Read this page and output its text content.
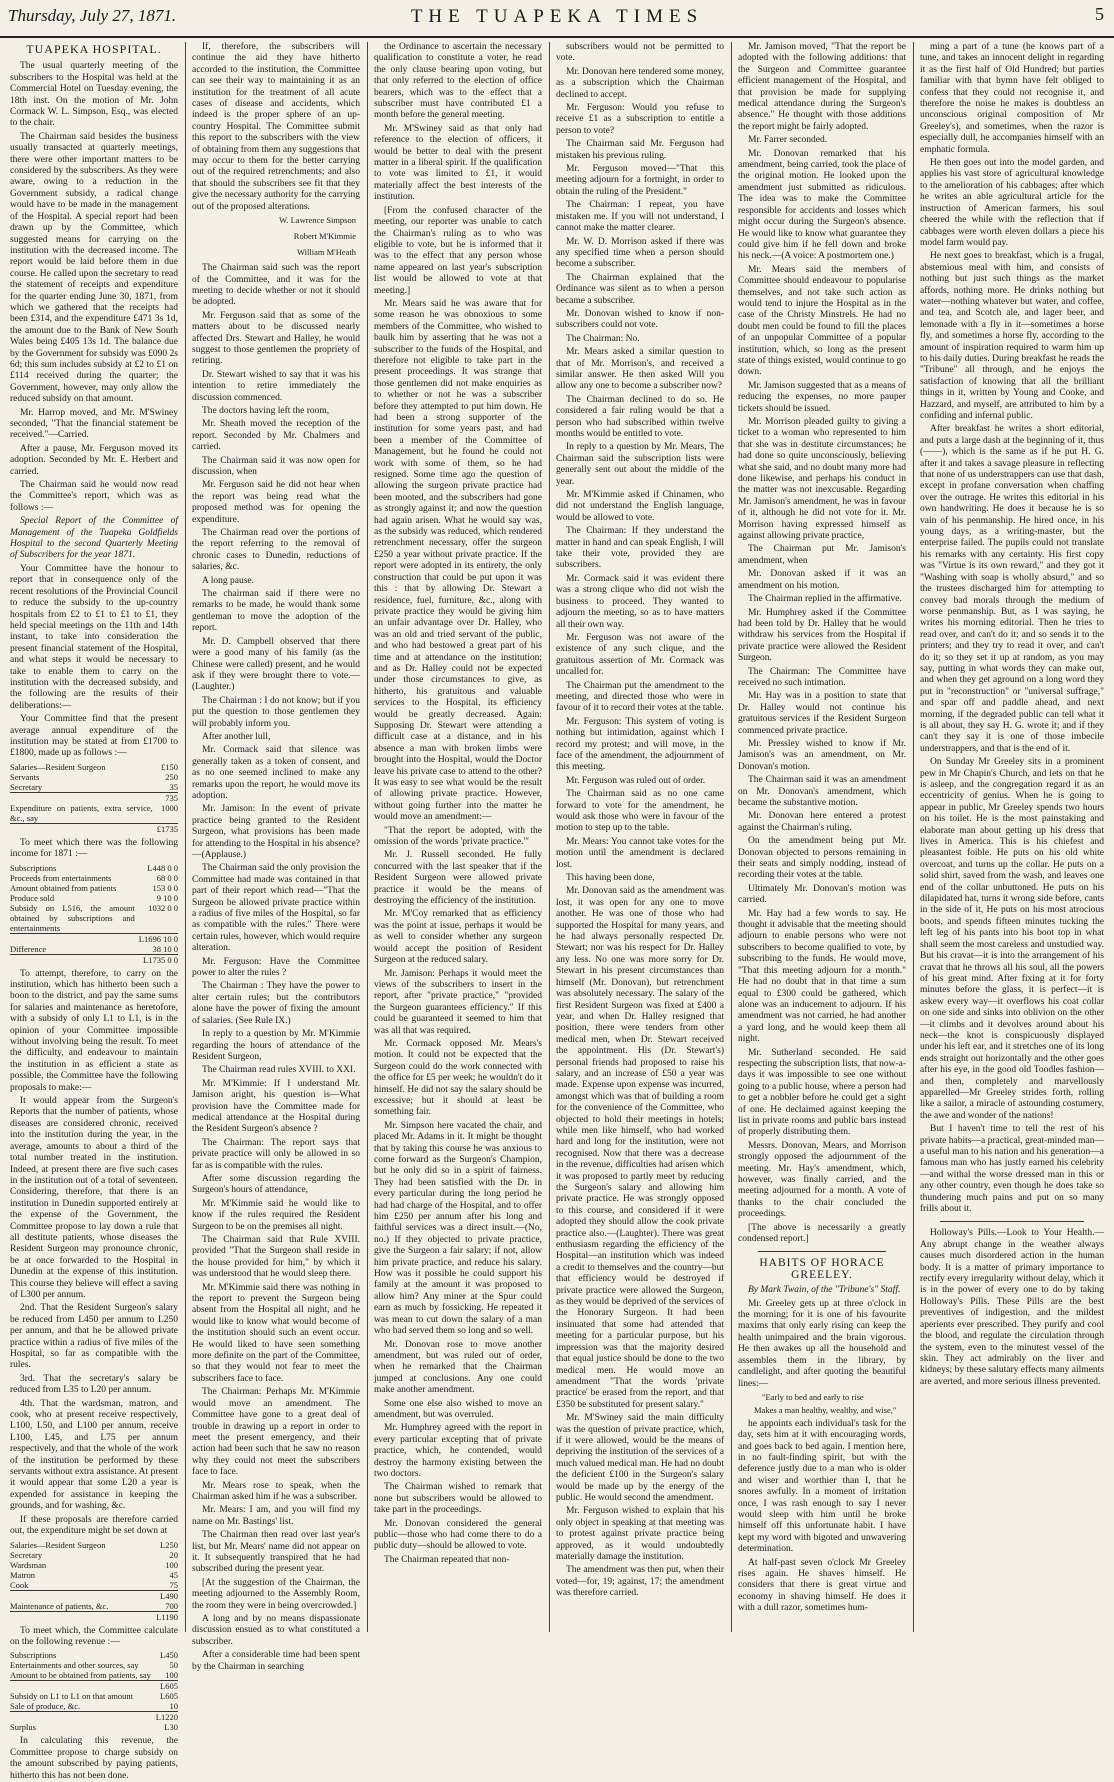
Thursday, July 27, 1871.	THE TUAPEKA TIMES	5
TUAPEKA HOSPITAL.

The usual quarterly meeting of the subscribers to the Hospital was held at the Commercial Hotel on Tuesday evening, the 18th inst. On the motion of Mr. John Cormack W. L. Simpson, Esq., was elected to the chair.

The Chairman said besides the business usually transacted at quarterly meetings, there were other important matters to be considered by the subscribers. As they were aware, owing to a reduction in the Government subsidy, a radical change would have to be made in the management of the Hospital. A special report had been drawn up by the Committee, which suggested means for carrying on the institution with the decreased income. The report would be laid before them in due course. He called upon the secretary to read the statement of receipts and expenditure for the quarter ending June 30, 1871, from which we gathered that the receipts had been £314, and the expenditure £471 3s 1d, the amount due to the Bank of New South Wales being £405 13s 1d. The balance due by the Government for subsidy was £090 2s 6d; this sum includes subsidy at £2 to £1 on £114 received during the quarter; the Government, however, may only allow the reduced subsidy on that amount.

Mr. Harrop moved, and Mr. M'Swiney seconded, "That the financial statement be received."—Carried.

After a pause, Mr. Ferguson moved its adoption. Seconded by Mr. E. Herbert and carried.

The Chairman said he would now read the Committee's report, which was as follows :—

Special Report of the Committee of Management of the Tuapeka Goldfields Hospital to the second Quarterly Meeting of Subscribers for the year 1871.

Your Committee have the honour to report that in consequence only of the recent resolutions of the Provincial Council to reduce the subsidy to the up-country hospitals from £2 to £1 to £1 to £1, they held special meetings on the 11th and 14th instant, to take into consideration the present financial statement of the Hospital, and what steps it would be necessary to take to enable them to carry on the institution with the decreased subsidy, and the following are the results of their deliberations:—

Your Committee find that the present average annual expenditure of the institution may be stated at from £1700 to £1800, made up as follows :—

Salaries—Resident Surgeon	£150
Servants	250
Secretary	35
	735
Expenditure on patients, extra service, &c., say	1000
	£1735

To meet which there was the following income for 1871 :—

Subscriptions	L448 0 0
Proceeds from entertainments	68 0 0
Amount obtained from patients	153 0 0
Produce sold	9 10 0
Subsidy on L516, the amount obtained by subscriptions and entertainments	1032 0 0
	L1696 10 0
Difference	38 10 0
	L1735 0 0

To attempt, therefore, to carry on the institution, which has hitherto been such a boon to the district, and pay the same sums for salaries and maintenance as heretofore, with a subsidy of only L1 to L1, is in the opinion of your Committee impossible without involving being the result. To meet the difficulty, and endeavour to maintain the institution in as efficient a state as possible, the Committee have the following proposals to make:—

It would appear from the Surgeon's Reports that the number of patients, whose diseases are considered chronic, received into the institution during the year, in the average, amounts to about a third of the total number treated in the institution. Indeed, at present there are five such cases in the institution out of a total of seventeen. Considering, therefore, that there is an institution in Dunedin supported entirely at the expense of the Government, the Committee propose to lay down a rule that all destitute patients, whose diseases the Resident Surgeon may pronounce chronic, be at once forwarded to the Hospital in Dunedin at the expense of this institution. This course they believe will effect a saving of L300 per annum.

2nd. That the Resident Surgeon's salary be reduced from L450 per annum to L250 per annum, and that he be allowed private practice within a radius of five miles of the Hospital, so far as compatible with the rules.

3rd. That the secretary's salary be reduced from L35 to L20 per annum.

4th. That the wardsman, matron, and cook, who at present receive respectively, L100, L50, and L100 per annum, receive L100, L45, and L75 per annum respectively, and that the whole of the work of the institution be performed by these servants without extra assistance. At present it would appear that some L20 a year is expended for assistance in keeping the grounds, and for washing, &c.

If these proposals are therefore carried out, the expenditure might be set down at

Salaries—Resident Surgeon	L250
Secretary	20
Wardsman	100
Matron	45
Cook	75
	L490
Maintenance of patients, &c.	700
	L1190

To meet which, the Committee calculate on the following revenue :—

Subscriptions	L450
Entertainments and other sources, say	50
Amount to be obtained from patients, say	100
	L605
Subsidy on L1 to L1 on that amount	L605
Sale of produce, &c.	10
	L1220
Surplus	L30

In calculating this revenue, the Committee propose to charge subsidy on the amount subscribed by paying patients, hitherto this has not been done.

If, therefore, the subscribers will continue the aid they have hitherto accorded to the institution, the Committee can see their way to maintaining it as an institution for the treatment of all acute cases of disease and accidents, which indeed is the proper sphere of an up-country Hospital. The Committee submit this report to the subscribers with the view of obtaining from them any suggestions that may occur to them for the better carrying out of the required retrenchments; and also that should the subscribers see fit that they give the necessary authority for the carrying out of the proposed alterations.

W. Lawrence Simpson
Robert M'Kimmie
William M'Heath

The Chairman said such was the report of the Committee, and it was for the meeting to decide whether or not it should be adopted.

Mr. Ferguson said that as some of the matters about to be discussed nearly affected Drs. Stewart and Halley, he would suggest to those gentlemen the propriety of retiring.

Dr. Stewart wished to say that it was his intention to retire immediately the discussion commenced.

The doctors having left the room,

Mr. Sheath moved the reception of the report. Seconded by Mr. Chalmers and carried.

The Chairman said it was now open for discussion, when

Mr. Ferguson said he did not hear when the report was being read what the proposed method was for opening the expenditure.

The Chairman read over the portions of the report referring to the removal of chronic cases to Dunedin, reductions of salaries, &c.

A long pause.

The chairman said if there were no remarks to be made, he would thank some gentleman to move the adoption of the report.

Mr. D. Campbell observed that there were a good many of his family (as the Chinese were called) present, and he would ask if they were brought there to vote.—(Laughter.)

The Chairman : I do not know; but if you put the question to those gentlemen they will probably inform you.

After another lull,

Mr. Cormack said that silence was generally taken as a token of consent, and as no one seemed inclined to make any remarks upon the report, he would move its adoption.

Mr. Jamison: In the event of private practice being granted to the Resident Surgeon, what provisions has been made for attending to the Hospital in his absence?—(Applause.)

The Chairman said the only provision the Committee had made was contained in that part of their report which read—"That the Surgeon be allowed private practice within a radius of five miles of the Hospital, so far as compatible with the rules." There were certain rules, however, which would require alteration.

Mr. Ferguson: Have the Committee power to alter the rules ?

The Chairman : They have the power to alter certain rules; but the contributors alone have the power of fixing the amount of salaries. (See Rule IX.)

In reply to a question by Mr. M'Kimmie regarding the hours of attendance of the Resident Surgeon,

The Chairman read rules XVIII. to XXI.

Mr. M'Kimmie: If I understand Mr. Jamison aright, his question is—What provision have the Committee made for medical attendance at the Hospital during the Resident Surgeon's absence ?

The Chairman: The report says that private practice will only be allowed in so far as is compatible with the rules.

After some discussion regarding the Surgeon's hours of attendance,

Mr. M'Kimmie said he would like to know if the rules required the Resident Surgeon to be on the premises all night.

The Chairman said that Rule XVIII. provided "That the Surgeon shall reside in the house provided for him," by which it was understood that he would sleep there.

Mr. M'Kimmie said there was nothing in the report to prevent the Surgeon being absent from the Hospital all night, and he would like to know what would become of the institution should such an event occur. He would liked to have seen something more definite on the part of the Committee, so that they would not fear to meet the subscribers face to face.

The Chairman: Perhaps Mr. M'Kimmie would move an amendment. The Committee have gone to a great deal of trouble in drawing up a report in order to meet the present emergency, and their action had been such that he saw no reason why they could not meet the subscribers face to face.

Mr. Mears rose to speak, when the Chairman asked him if he was a subscriber.

Mr. Mears: I am, and you will find my name on Mr. Bastings' list.

The Chairman then read over last year's list, but Mr. Mears' name did not appear on it. It subsequently transpired that he had subscribed during the present year.

[At the suggestion of the Chairman, the meeting adjourned to the Assembly Room, the room they were in being overcrowded.]

A long and by no means dispassionate discussion ensued as to what constituted a subscriber.

After a considerable time had been spent by the Chairman in searching

the Ordinance to ascertain the necessary qualification to constitute a voter, he read the only clause bearing upon voting, but that only referred to the election of office bearers, which was to the effect that a subscriber must have contributed £1 a month before the general meeting.

Mr. M'Swiney said as that only had reference to the election of officers, it would be better to deal with the present matter in a liberal spirit. If the qualification to vote was limited to £1, it would materially affect the best interests of the institution.

[From the confused character of the meeting, our reporter was unable to catch the Chairman's ruling as to who was eligible to vote, but he is informed that it was to the effect that any person whose name appeared on last year's subscription list would be allowed to vote at that meeting.]

Mr. Mears said he was aware that for some reason he was obnoxious to some members of the Committee, who wished to baulk him by asserting that he was not a subscriber to the funds of the Hospital, and therefore not eligible to take part in the present proceedings. It was strange that those gentlemen did not make enquiries as to whether or not he was a subscriber before they attempted to put him down. He had been a strong supporter of the institution for some years past, and had been a member of the Committee of Management, but he found he could not work with some of them, so he had resigned. Some time ago the question of allowing the surgeon private practice had been mooted, and the subscribers had gone as strongly against it; and now the question had again arisen. What he would say was, as the subsidy was reduced, which rendered retrenchment necessary, offer the surgeon £250 a year without private practice. If the report were adopted in its entirety, the only construction that could be put upon it was this : that by allowing Dr. Stewart a residence, fuel, furniture, &c., along with private practice they would be giving him an unfair advantage over Dr. Halley, who was an old and tried servant of the public, and who had bestowed a great part of his time and at attendance on the institution; and as Dr. Halley could not be expected under those circumstances to give, as hitherto, his gratuitous and valuable services to the Hospital, its efficiency would be greatly decreased. Again: Supposing Dr. Stewart were attending a difficult case at a distance, and in his absence a man with broken limbs were brought into the Hospital, would the Doctor leave his private case to attend to the other? It was easy to see what would be the result of allowing private practice. However, without going further into the matter he would move an amendment:—

"That the report be adopted, with the omission of the words 'private practice.'"

Mr. J. Russell seconded. He fully concurred with the last speaker that if the Resident Surgeon were allowed private practice it would be the means of destroying the efficiency of the institution.

Mr. M'Coy remarked that as efficiency was the point at issue, perhaps it would be as well to consider whether any surgeon would accept the position of Resident Surgeon at the reduced salary.

Mr. Jamison: Perhaps it would meet the views of the subscribers to insert in the report, after "private practice," "provided the Surgeon guarantees efficiency." If this could be guaranteed it seemed to him that was all that was required.

Mr. Cormack opposed Mr. Mears's motion. It could not be expected that the Surgeon could do the work connected with the office for £5 per week; he wouldn't do it himself. He did not say the salary should be excessive; but it should at least be something fair.

Mr. Simpson here vacated the chair, and placed Mr. Adams in it. It might be thought that by taking this course he was anxious to come forward as the Surgeon's Champion, but he only did so in a spirit of fairness. They had been satisfied with the Dr. in every particular during the long period he had had charge of the Hospital, and to offer him £250 per annum after his long and faithful services was a direct insult.—(No, no.) If they objected to private practice, give the Surgeon a fair salary; if not, allow him private practice, and reduce his salary. How was it possible he could support his family at the amount it was proposed to allow him? Any miner at the Spur could earn as much by fossicking. He repeated it was mean to cut down the salary of a man who had served them so long and so well.

Mr. Donovan rose to move another amendment, but was ruled out of order, when he remarked that the Chairman jumped at conclusions. Any one could make another amendment.

Some one else also wished to move an amendment, but was overruled.

Mr. Humphrey agreed with the report in every particular excepting that of private practice, which, he contended, would destroy the harmony existing between the two doctors.

The Chairman wished to remark that none but subscribers would be allowed to take part in the proceedings.

Mr. Donovan considered the general public—those who had come there to do a public duty—should be allowed to vote.

The Chairman repeated that non-

subscribers would not be permitted to vote.

Mr. Donovan here tendered some money, as a subscription which the Chairman declined to accept.

Mr. Ferguson: Would you refuse to receive £1 as a subscription to entitle a person to vote?

The Chairman said Mr. Ferguson had mistaken his previous ruling.

Mr. Ferguson moved—"That this meeting adjourn for a fortnight, in order to obtain the ruling of the President."

The Chairman: I repeat, you have mistaken me. If you will not understand, I cannot make the matter clearer.

Mr. W. D. Morrison asked if there was any specified time when a person should become a subscriber.

The Chairman explained that the Ordinance was silent as to when a person became a subscriber.

Mr. Donovan wished to know if non-subscribers could not vote.

The Chairman: No.

Mr. Mears asked a similar question to that of Mr. Morrison's, and received a similar answer. He then asked Will you allow any one to become a subscriber now?

The Chairman declined to do so. He considered a fair ruling would be that a person who had subscribed within twelve months would be entitled to vote.

In reply to a question by Mr. Mears, The Chairman said the subscription lists were generally sent out about the middle of the year.

Mr. M'Kimmie asked if Chinamen, who did not understand the English language, would be allowed to vote.

The Chairman: If they understand the matter in hand and can speak English, I will take their vote, provided they are subscribers.

Mr. Cormack said it was evident there was a strong clique who did not wish the business to proceed. They wanted to adjourn the meeting, so as to have matters all their own way.

Mr. Ferguson was not aware of the existence of any such clique, and the gratuitous assertion of Mr. Cormack was uncalled for.

The Chairman put the amendment to the meeting, and directed those who were in favour of it to record their votes at the table.

Mr. Ferguson: This system of voting is nothing but intimidation, against which I record my protest; and will move, in the face of the amendment, the adjournment of this meeting.

Mr. Ferguson was ruled out of order.

The Chairman said as no one came forward to vote for the amendment, he would ask those who were in favour of the motion to step up to the table.

Mr. Mears: You cannot take votes for the motion until the amendment is declared lost.

This having been done,

Mr. Donovan said as the amendment was lost, it was open for any one to move another. He was one of those who had supported the Hospital for many years, and he had always personally respected Dr. Stewart; nor was his respect for Dr. Halley any less. No one was more sorry for Dr. Stewart in his present circumstances than himself (Mr. Donovan), but retrenchment was absolutely necessary. The salary of the first Resident Surgeon was fixed at £400 a year, and when Dr. Halley resigned that position, there were tenders from other medical men, when Dr. Stewart received the appointment. His (Dr. Stewart's) personal friends had proposed to raise his salary, and an increase of £50 a year was made. Expense upon expense was incurred, amongst which was that of building a room for the convenience of the Committee, who objected to hold their meetings in hotels; while men like himself, who had worked hard and long for the institution, were not recognised. Now that there was a decrease in the revenue, difficulties had arisen which it was proposed to partly meet by reducing the Surgeon's salary and allowing him private practice. He was strongly opposed to this course, and considered if it were adopted they should allow the cook private practice also.—(Laughter). There was great enthusiasm regarding the efficiency of the Hospital—an institution which was indeed a credit to themselves and the country—but that efficiency would be destroyed if private practice were allowed the Surgeon, as they would be deprived of the services of the Honorary Surgeon. It had been insinuated that some had attended that meeting for a particular purpose, but his impression was that the majority desired that equal justice should be done to the two medical men. He would move an amendment "That the words 'private practice' be erased from the report, and that £350 be substituted for present salary."

Mr. M'Swiney said the main difficulty was the question of private practice, which, if it were allowed, would be the means of depriving the institution of the services of a much valued medical man. He had no doubt the deficient £100 in the Surgeon's salary would be made up by the energy of the public. He would second the amendment.

Mr. Ferguson wished to explain that his only object in speaking at that meeting was to protest against private practice being approved, as it would undoubtedly materially damage the institution.

The amendment was then put, when their voted—for, 19; against, 17; the amendment was therefore carried.

Mr. Jamison moved, "That the report be adopted with the following additions: that the Surgeon and Committee guarantee efficient management of the Hospital, and that provision be made for supplying medical attendance during the Surgeon's absence." He thought with those additions the report might be fairly adopted.

Mr. Farrer seconded.

Mr. Donovan remarked that his amendment, being carried, took the place of the original motion. He looked upon the amendment just submitted as ridiculous. The idea was to make the Committee responsible for accidents and losses which might occur during the Surgeon's absence. He would like to know what guarantee they could give him if he fell down and broke his neck.—(A voice: A postmortem one.)

Mr. Mears said the members of Committee should endeavour to popularise themselves, and not take such action as would tend to injure the Hospital as in the case of the Christy Minstrels. He had no doubt men could be found to fill the places of an unpopular Committee of a popular institution, which, so long as the present state of things existed, would continue to go down.

Mr. Jamison suggested that as a means of reducing the expenses, no more pauper tickets should be issued.

Mr. Morrison pleaded guilty to giving a ticket to a woman who represented to him that she was in destitute circumstances; he had done so quite unconsciously, believing what she said, and no doubt many more had done likewise, and perhaps his conduct in the matter was not inexcusable. Regarding Mr. Jamison's amendment, he was in favour of it, although he did not vote for it. Mr. Morrison having expressed himself as against allowing private practice,

The Chairman put Mr. Jamison's amendment, when

Mr. Donovan asked if it was an amendment on his motion.

The Chairman replied in the affirmative.

Mr. Humphrey asked if the Committee had been told by Dr. Halley that he would withdraw his services from the Hospital if private practice were allowed the Resident Surgeon.

The Chairman: The Committee have received no such intimation.

Mr. Hay was in a position to state that Dr. Halley would not continue his gratuitous services if the Resident Surgeon commenced private practice.

Mr. Pressley wished to know if Mr. Jamison's was an amendment, on Mr. Donovan's motion.

The Chairman said it was an amendment on Mr. Donovan's amendment, which became the substantive motion.

Mr. Donovan here entered a protest against the Chairman's ruling.

On the amendment being put Mr. Donovan objected to persons remaining in their seats and simply nodding, instead of recording their votes at the table.

Ultimately Mr. Donovan's motion was carried.

Mr. Hay had a few words to say. He thought it advisable that the meeting should adjourn to enable persons who were not subscribers to become qualified to vote, by subscribing to the funds. He would move, "That this meeting adjourn for a month." He had no doubt that in that time a sum equal to £300 could be gathered, which alone was an inducement to adjourn. If his amendment was not carried, he had another a yard long, and he would keep them all night.

Mr. Sutherland seconded. He said respecting the subscription lists, that now-a-days it was impossible to see one without going to a public house, where a person had to get a nobbler before he could get a sight of one. He declaimed against keeping the list in private rooms and public bars instead of properly distributing them.

Messrs. Donovan, Mears, and Morrison strongly opposed the adjournment of the meeting. Mr. Hay's amendment, which, however, was finally carried, and the meeting adjourned for a month. A vote of thanks to the chair concluded the proceedings.

[The above is necessarily a greatly condensed report.]

HABITS OF HORACE GREELEY.

By Mark Twain, of the "Tribune's" Staff.

Mr. Greeley gets up at three o'clock in the morning; for it is one of his favourite maxims that only early rising can keep the health unimpaired and the brain vigorous. He then awakes up all the household and assembles them in the library, by candlelight, and after quoting the beautiful lines:—

"Early to bed and early to rise

Makes a man healthy, wealthy, and wise,"

he appoints each individual's task for the day, sets him at it with encouraging words, and goes back to bed again. I mention here, in no fault-finding spirit, but with the deference justly due to a man who is older and wiser and worthier than I, that he snores awfully. In a moment of irritation once, I was rash enough to say I never would sleep with him until he broke himself off this unfortunate habit. I have kept my word with bigoted and unwavering determination.

At half-past seven o'clock Mr Greeley rises again. He shaves himself. He considers that there is great virtue and economy in shaving himself. He does it with a dull razor, sometimes hum-

ming a part of a tune (he knows part of a tune, and takes an innocent delight in regarding it as the first half of Old Hundred; but parties familiar with that hymn have felt obliged to confess that they could not recognise it, and therefore the noise he makes is doubtless an unconscious original composition of Mr Greeley's), and sometimes, when the razor is especially dull, he accompanies himself with an emphatic formula.

He then goes out into the model garden, and applies his vast store of agricultural knowledge to the amelioration of his cabbages; after which he writes an able agricultural article for the instruction of American farmers, his soul cheered the while with the reflection that if cabbages were worth eleven dollars a piece his model farm would pay.

He next goes to breakfast, which is a frugal, abstemious meal with him, and consists of nothing but just such things as the market affords, nothing more. He drinks nothing but water—nothing whatever but water, and coffee, and tea, and Scotch ale, and lager beer, and lemonade with a fly in it—sometimes a horse fly, and sometimes a horse fly, according to the amount of inspiration required to warm him up to his daily duties. During breakfast he reads the "Tribune" all through, and he enjoys the satisfaction of knowing that all the brilliant things in it, written by Young and Cooke, and Hazzard, and myself, are attributed to him by a confiding and infernal public.

After breakfast he writes a short editorial, and puts a large dash at the beginning of it, thus (——), which is the same as if he put H. G. after it and takes a savage pleasure in reflecting that none of us understrappers can use that dash, except in profane conversation when chaffing over the outrage. He writes this editorial in his own handwriting. He does it because he is so vain of his penmanship. He hired once, in his young days, as a writing-master, but the enterprise failed. The pupils could not translate his remarks with any certainty. His first copy was "Virtue is its own reward," and they got it "Washing with soap is wholly absurd," and so the trustees discharged him for attempting to convey bad morals through the medium of worse penmanship. But, as I was saying, he writes his morning editorial. Then he tries to read over, and can't do it; and so sends it to the printers; and they try to read it over, and can't do it; so they set it up at random, as you may say, putting in what words they can make out, and when they get aground on a long word they put in "reconstruction" or "universal suffrage," and spar off and paddle ahead, and next morning, if the degraded public can tell what it is all about, they say H. G. wrote it; and if they can't they say it is one of those imbecile understrappers, and that is the end of it.

On Sunday Mr Greeley sits in a prominent pew in Mr Chapin's Church, and lets on that he is asleep, and the congregation regard it as an eccentricity of genius. When he is going to appear in public, Mr Greeley spends two hours on his toilet. He is the most painstaking and elaborate man about getting up his dress that lives in America. This is his chiefest and pleasantest foible. He puts on his old white overcoat, and turns up the collar. He puts on a solid shirt, saved from the wash, and leaves one end of the collar unbuttoned. He puts on his dilapidated hat, turns it wrong side before, cants in the side of it, He puts on his most atrocious boots, and spends fifteen minutes tucking the left leg of his pants into his boot top in what shall seem the most careless and unstudied way. But his cravat—it is into the arrangement of his cravat that he throws all his soul, all the powers of his great mind. After fixing at it for forty minutes before the glass, it is perfect—it is askew every way—it overflows his coat collar on one side and sinks into oblivion on the other—it climbs and it devolves around about his neck—the knot is conspicuously displayed under his left ear, and it stretches one of its long ends straight out horizontally and the other goes after his eye, in the good old Toodles fashion—and then, completely and marvellously apparelled—Mr Greeley strides forth, rolling like a sailor, a miracle of astounding costumery, the awe and wonder of the nations!

But I haven't time to tell the rest of his private habits—a practical, great-minded man—a useful man to his nation and his generation—a famous man who has justly earned his celebrity—and withal the worse dressed man in this or any other country, even though he does take so thundering much pains and put on so many frills about it.

Holloway's Pills.—Look to Your Health.—Any abrupt change in the weather always causes much disordered action in the human body. It is a matter of primary importance to rectify every irregularity without delay, which it is in the power of every one to do by taking Holloway's Pills. These Pills are the best preventives of indigestion, and the mildest aperients ever prescribed. They purify and cool the blood, and regulate the circulation through the system, even to the minutest vessel of the skin. They act admirably on the liver and kidneys; by these salutary effects many ailments are averted, and more serious illness prevented.
